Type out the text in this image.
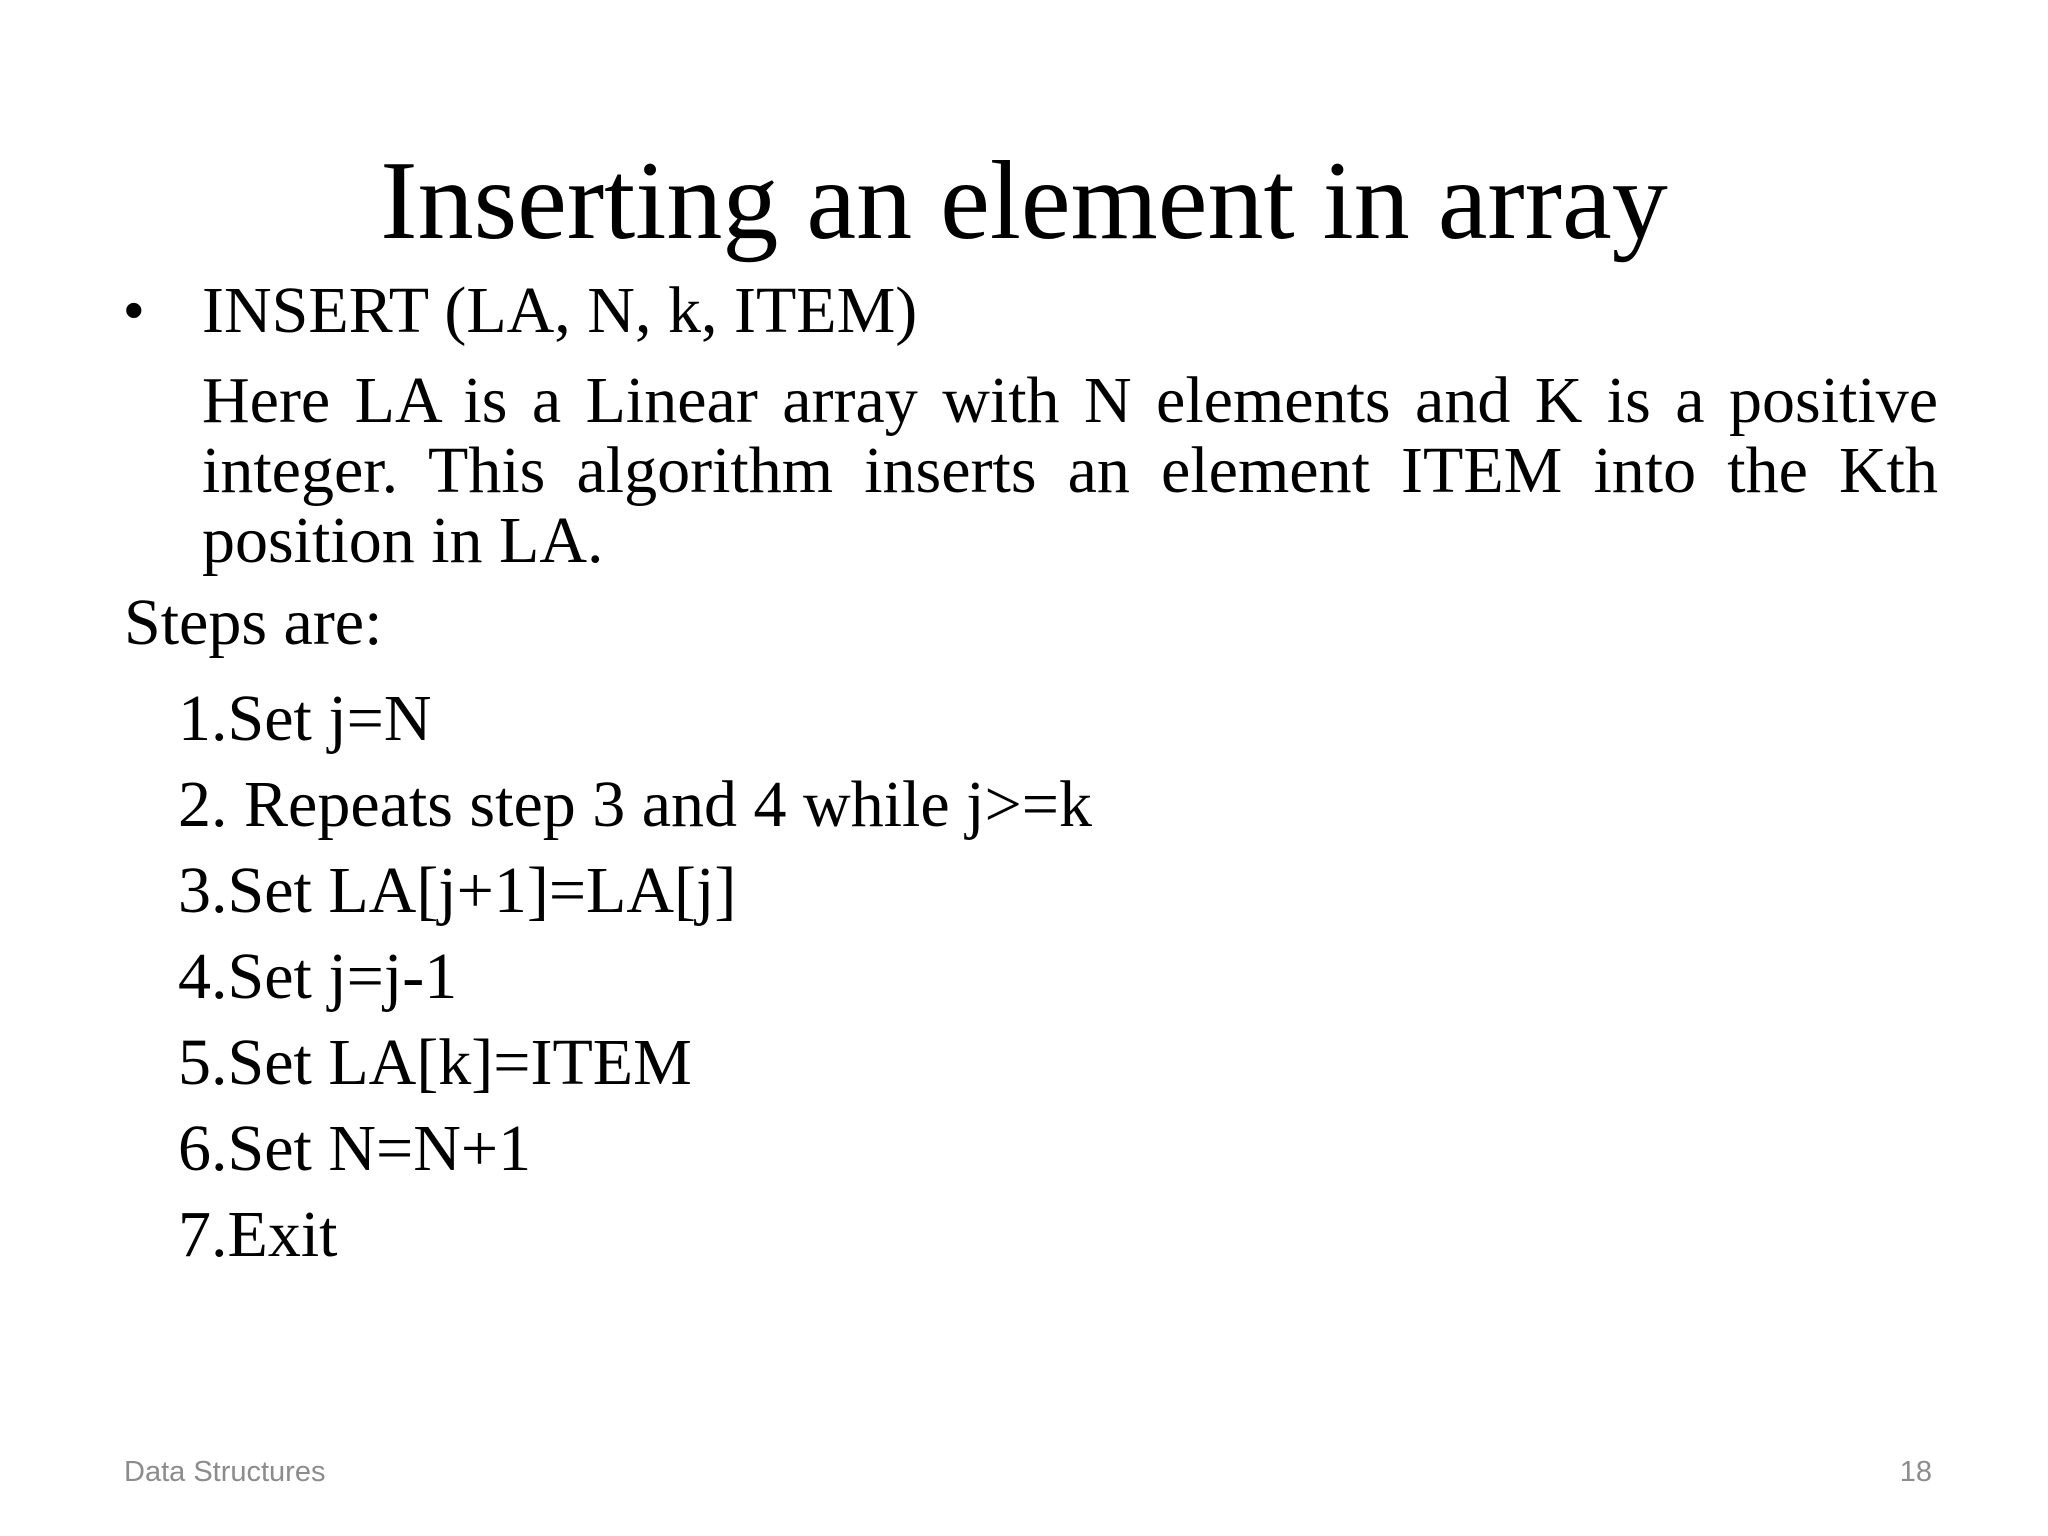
Inserting an element in array
• INSERT (LA, N, k, ITEM)

Here LA is a Linear array with N elements and K is a positive integer. This algorithm inserts an element ITEM into the Kth position in LA.

Steps are:
1.Set j=N
2. Repeats step 3 and 4 while j>=k
3.Set LA[j+1]=LA[j]
4.Set j=j-1
5.Set LA[k]=ITEM
6.Set N=N+1
7.Exit
Data Structures	18
